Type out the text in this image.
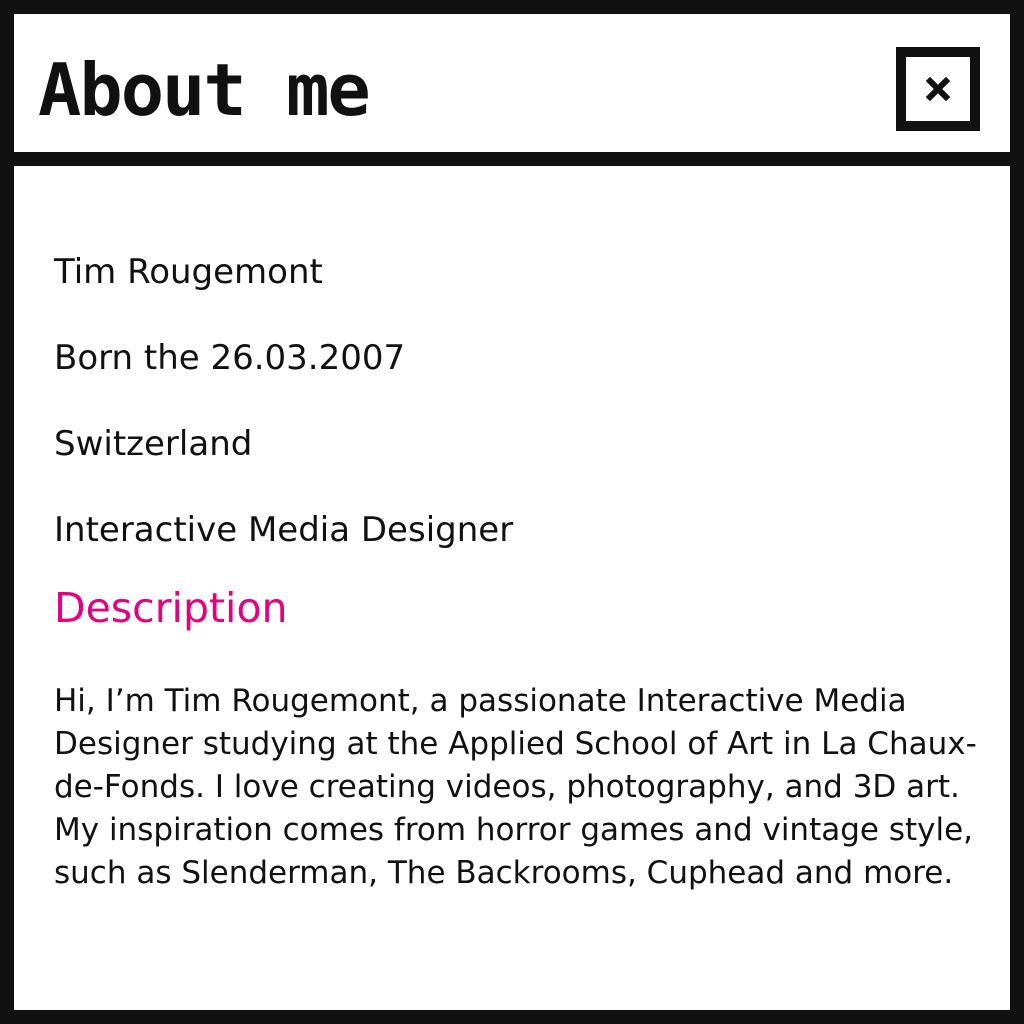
About me
Tim Rougemont
Born the 26.03.2007
Switzerland
Interactive Media Designer
Description
Hi, I’m Tim Rougemont, a passionate Interactive Media Designer studying at the Applied School of Art in La Chaux-de-Fonds. I love creating videos, photography, and 3D art. My inspiration comes from horror games and vintage style, such as Slenderman, The Backrooms, Cuphead and more.
